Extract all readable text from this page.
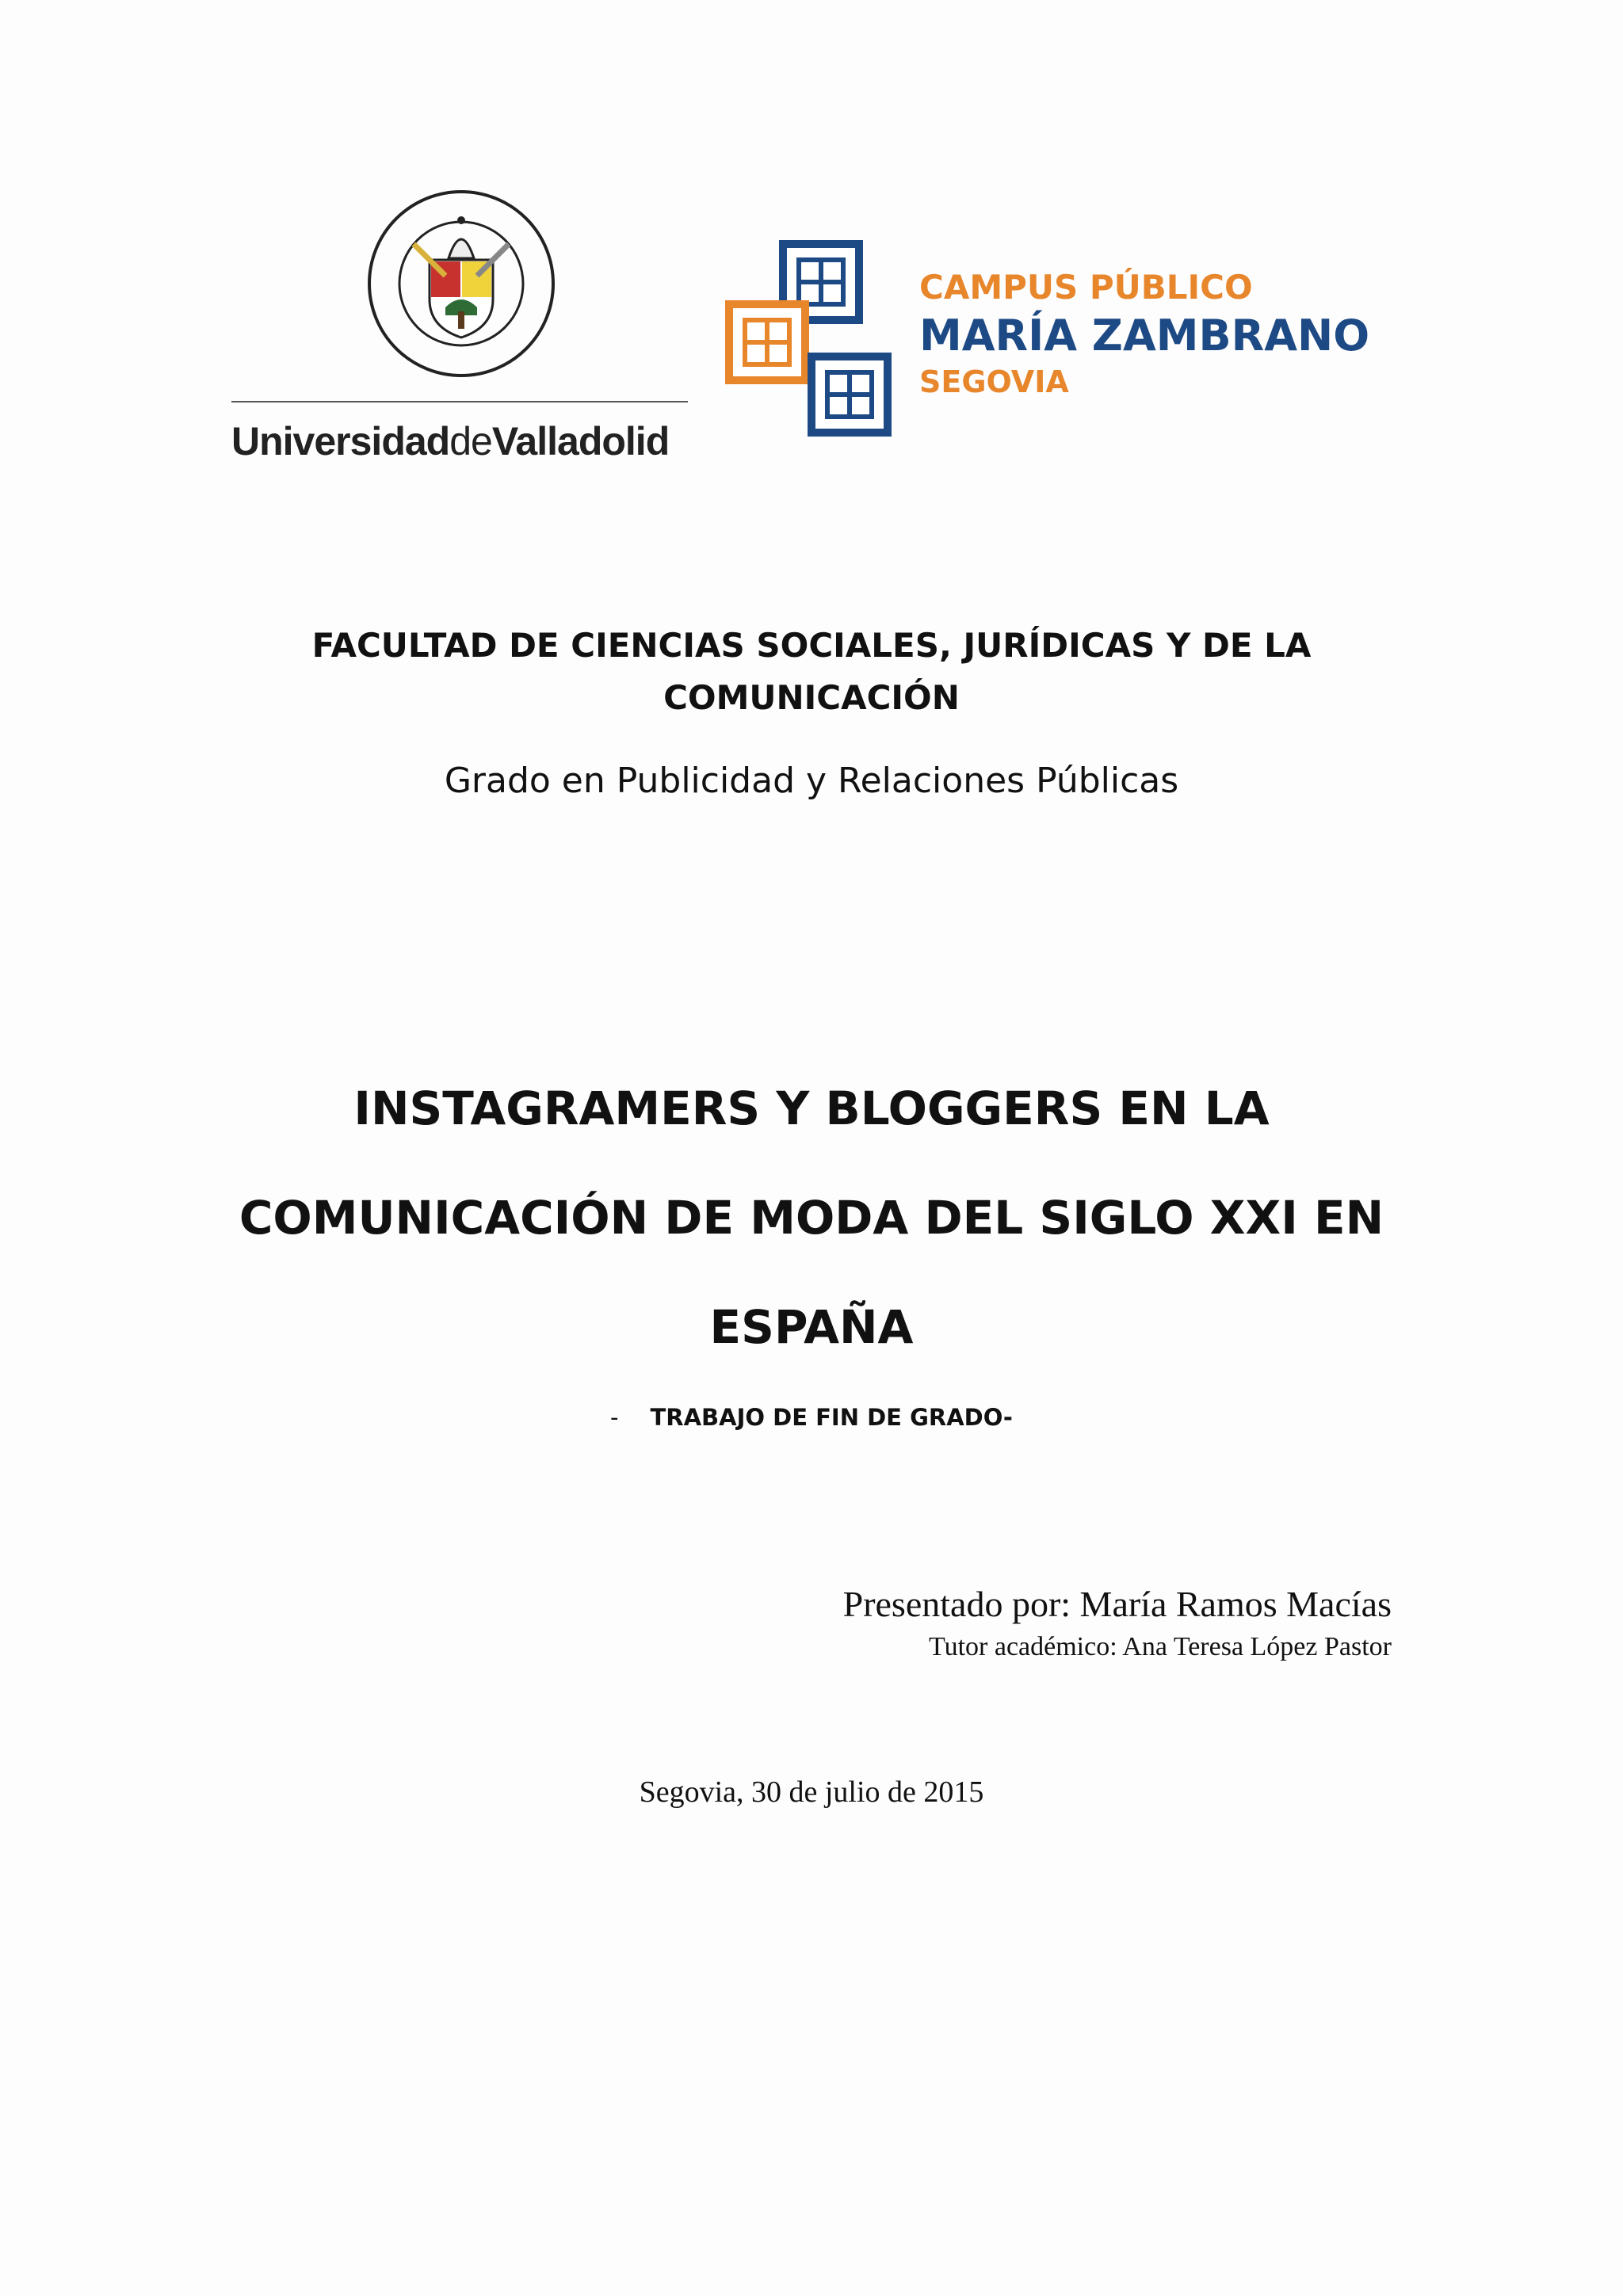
UniversidaddeValladolid
CAMPUS PÚBLICO
MARÍA ZAMBRANO
SEGOVIA
FACULTAD DE CIENCIAS SOCIALES, JURÍDICAS Y DE LA
COMUNICACIÓN
Grado en Publicidad y Relaciones Públicas
INSTAGRAMERS Y BLOGGERS EN LA
COMUNICACIÓN DE MODA DEL SIGLO XXI EN
ESPAÑA
- TRABAJO DE FIN DE GRADO-
Presentado por: María Ramos Macías
Tutor académico: Ana Teresa López Pastor
Segovia, 30 de julio de 2015
